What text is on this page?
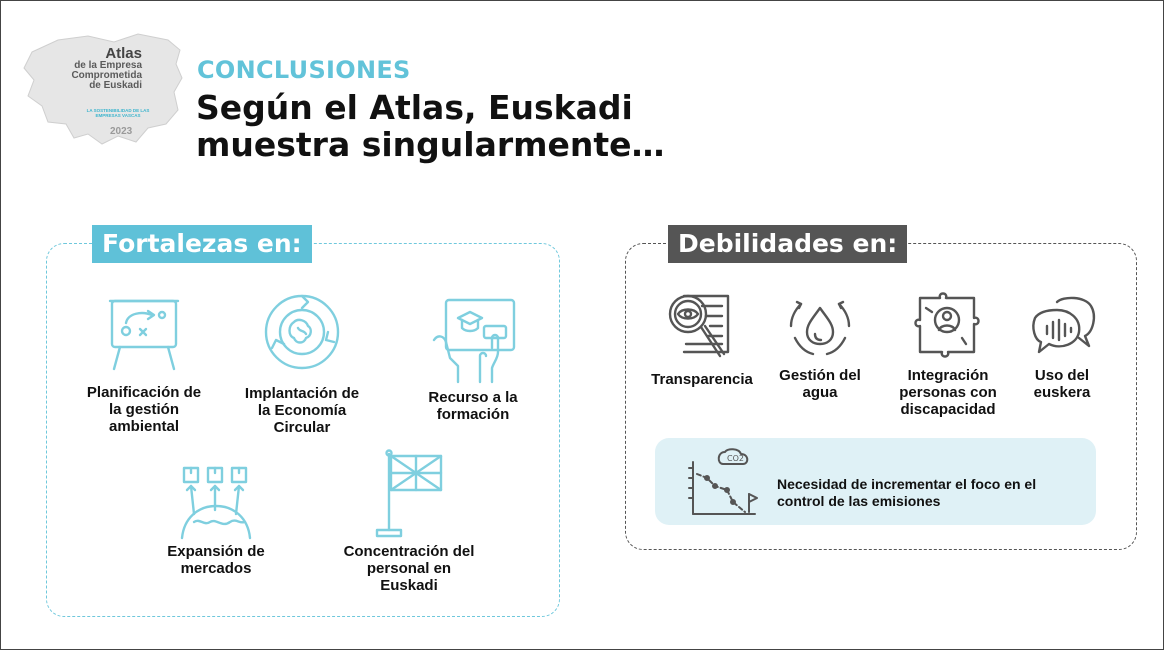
Atlas
de la Empresa
Comprometida
de Euskadi
LA SOSTENIBILIDAD DE LAS EMPRESAS VASCAS
2023
CONCLUSIONES
Según el Atlas, Euskadi muestra singularmente…
Fortalezas en:
Planificación de la gestión ambiental
Implantación de la Economía Circular
Recurso a la formación
Expansión de mercados
Concentración del personal en Euskadi
Debilidades en:
Transparencia	Gestión del agua
Integración personas con discapacidad
Uso del euskera
CO2
Necesidad de incrementar el foco en el control de las emisiones
